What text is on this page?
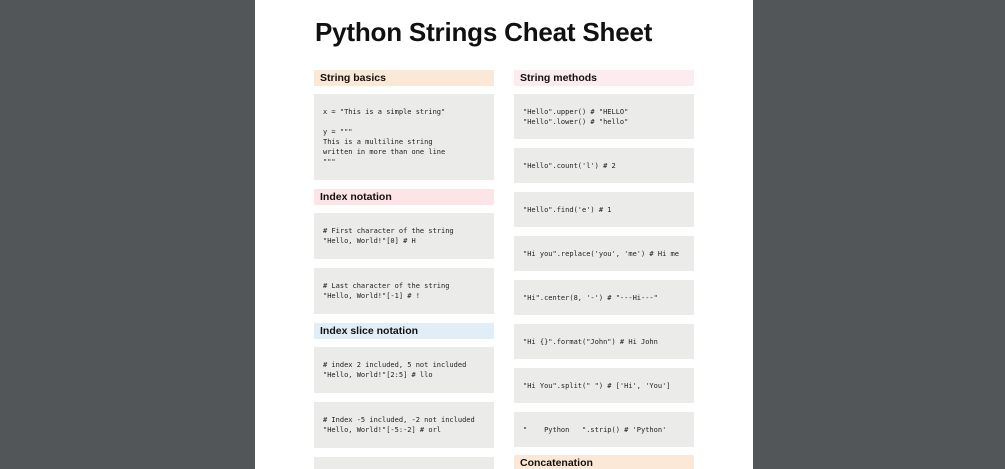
Python Strings Cheat Sheet
String basics
x = "This is a simple string"
y = """
This is a multiline string
written in more than one line
"""
Index notation
# First character of the string
"Hello, World!"[0] # H
# Last character of the string
"Hello, World!"[-1] # !
Index slice notation
# index 2 included, 5 not included
"Hello, World!"[2:5] # llo
# Index -5 included, -2 not included
"Hello, World!"[-5:-2] # orl
String methods
"Hello".upper() # "HELLO"
"Hello".lower() # "hello"
"Hello".count('l') # 2
"Hello".find('e') # 1
"Hi you".replace('you', 'me') # Hi me
"Hi".center(8, '-') # "---Hi---"
"Hi {}".format("John") # Hi John
"Hi You".split(" ") # ['Hi', 'You']
"    Python   ".strip() # 'Python'
Concatenation
